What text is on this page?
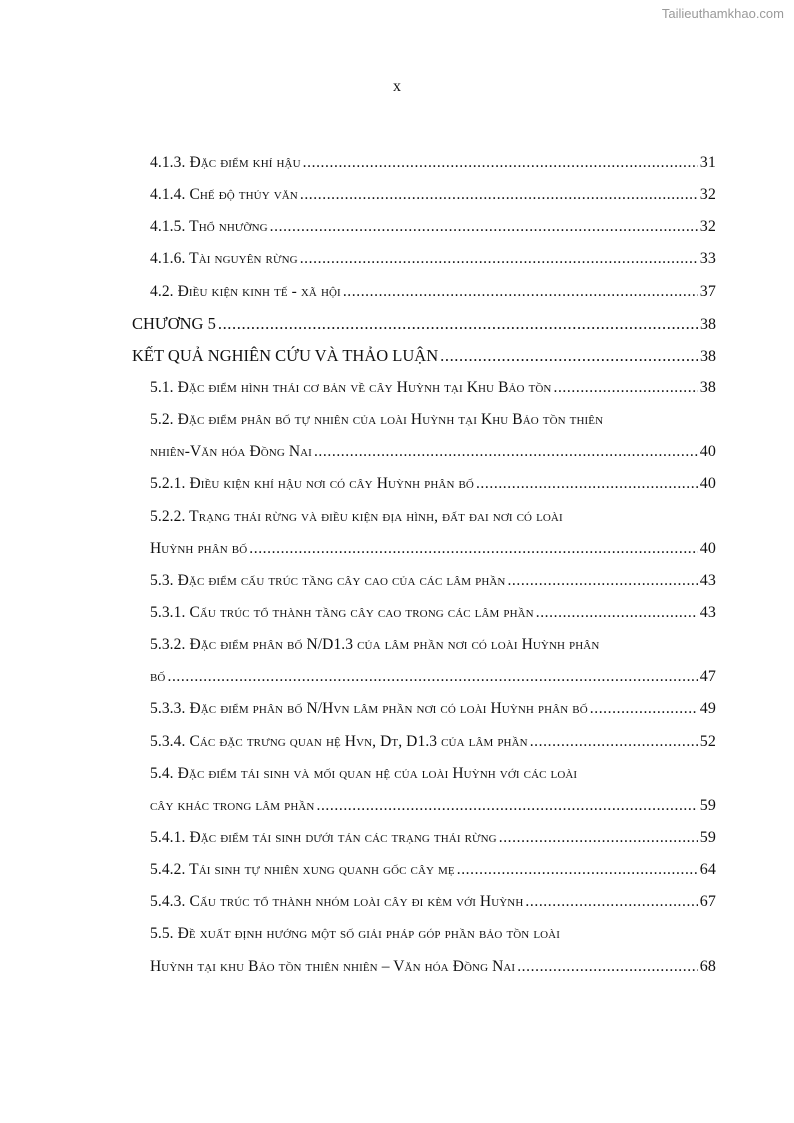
Tailieuthamkhao.com
x
4.1.3. Đặc điểm khí hậu .....	31
4.1.4. Chế độ thủy văn .....	32
4.1.5. Thổ nhưỡng .....	32
4.1.6. Tài nguyên rừng .....	33
4.2. Điều kiện kinh tế - xã hội .....	37
CHƯƠNG 5 .....	38
KẾT QUẢ NGHIÊN CỨU VÀ THẢO LUẬN .....	38
5.1. Đặc điểm hình thái cơ bản về cây Huỳnh tại Khu Bảo tồn .....	38
5.2. Đặc điểm phân bố tự nhiên của loài Huỳnh tại Khu Bảo tồn thiên
nhiên-Văn hóa Đồng Nai .....	40
5.2.1. Điều kiện khí hậu nơi có cây Huỳnh phân bố .....	40
5.2.2. Trạng thái rừng và điều kiện địa hình, đất đai nơi có loài
Huỳnh phân bố .....	40
5.3. Đặc điểm cấu trúc tầng cây cao của các lâm phần .....	43
5.3.1. Cấu trúc tổ thành tầng cây cao trong các lâm phần .....	43
5.3.2. Đặc điểm phân bố N/D1.3 của lâm phần nơi có loài Huỳnh phân
bố .....	47
5.3.3. Đặc điểm phân bố N/Hvn lâm phần nơi có loài Huỳnh phân bố .....	49
5.3.4. Các đặc trưng quan hệ Hvn, Dt, D1.3 của lâm phần .....	52
5.4. Đặc điểm tái sinh và mối quan hệ của loài Huỳnh với các loài
cây khác trong lâm phần .....	59
5.4.1. Đặc điểm tái sinh dưới tán các trạng thái rừng .....	59
5.4.2. Tái sinh tự nhiên xung quanh gốc cây mẹ .....	64
5.4.3. Cấu trúc tổ thành nhóm loài cây đi kèm với Huỳnh .....	67
5.5. Đề xuất định hướng một số giải pháp góp phần bảo tồn loài
Huỳnh tại khu Bảo tồn thiên nhiên – Văn hóa Đồng Nai .....	68
